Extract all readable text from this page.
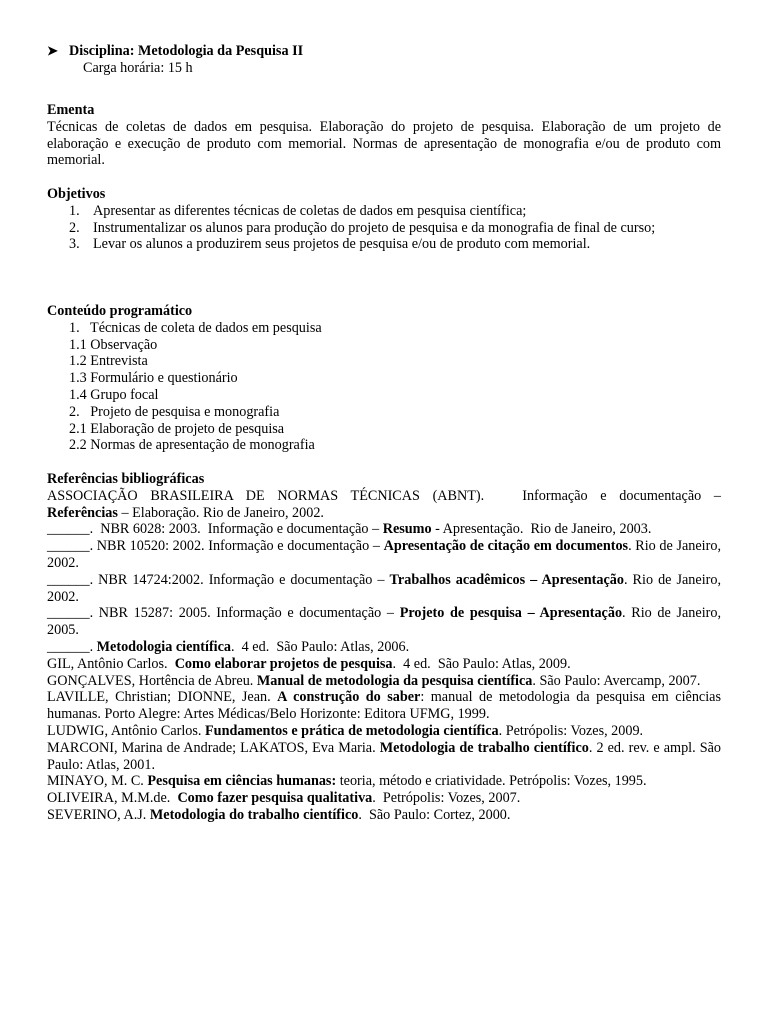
➤ Disciplina: Metodologia da Pesquisa II
Carga horária: 15 h
Ementa
Técnicas de coletas de dados em pesquisa. Elaboração do projeto de pesquisa. Elaboração de um projeto de elaboração e execução de produto com memorial. Normas de apresentação de monografia e/ou de produto com memorial.
Objetivos
1. Apresentar as diferentes técnicas de coletas de dados em pesquisa científica;
2. Instrumentalizar os alunos para produção do projeto de pesquisa e da monografia de final de curso;
3. Levar os alunos a produzirem seus projetos de pesquisa e/ou de produto com memorial.
Conteúdo programático
1.   Técnicas de coleta de dados em pesquisa
1.1 Observação
1.2 Entrevista
1.3 Formulário e questionário
1.4 Grupo focal
2.   Projeto de pesquisa e monografia
2.1 Elaboração de projeto de pesquisa
2.2 Normas de apresentação de monografia
Referências bibliográficas
ASSOCIAÇÃO BRASILEIRA DE NORMAS TÉCNICAS (ABNT).   Informação e documentação –
Referências – Elaboração. Rio de Janeiro, 2002.
______.  NBR 6028: 2003.  Informação e documentação – Resumo - Apresentação.  Rio de Janeiro, 2003.
______. NBR 10520: 2002. Informação e documentação – Apresentação de citação em documentos. Rio de Janeiro, 2002.
______. NBR 14724:2002. Informação e documentação – Trabalhos acadêmicos – Apresentação. Rio de Janeiro, 2002.
______. NBR 15287: 2005. Informação e documentação – Projeto de pesquisa – Apresentação. Rio de Janeiro, 2005.
______. Metodologia científica.  4 ed.  São Paulo: Atlas, 2006.
GIL, Antônio Carlos.  Como elaborar projetos de pesquisa.  4 ed.  São Paulo: Atlas, 2009.
GONÇALVES, Hortência de Abreu. Manual de metodologia da pesquisa científica. São Paulo: Avercamp, 2007.
LAVILLE, Christian; DIONNE, Jean. A construção do saber: manual de metodologia da pesquisa em ciências humanas. Porto Alegre: Artes Médicas/Belo Horizonte: Editora UFMG, 1999.
LUDWIG, Antônio Carlos. Fundamentos e prática de metodologia científica. Petrópolis: Vozes, 2009.
MARCONI, Marina de Andrade; LAKATOS, Eva Maria. Metodologia de trabalho científico. 2 ed. rev. e ampl. São Paulo: Atlas, 2001.
MINAYO, M. C. Pesquisa em ciências humanas: teoria, método e criatividade. Petrópolis: Vozes, 1995.
OLIVEIRA, M.M.de.  Como fazer pesquisa qualitativa.  Petrópolis: Vozes, 2007.
SEVERINO, A.J. Metodologia do trabalho científico.  São Paulo: Cortez, 2000.
